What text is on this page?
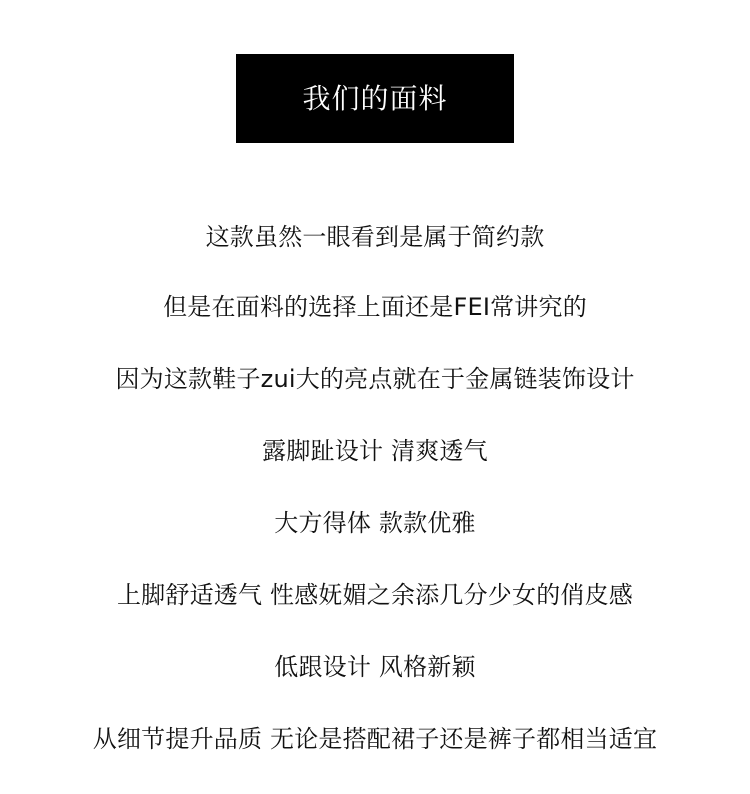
我们的面料
这款虽然一眼看到是属于简约款
但是在面料的选择上面还是FEI常讲究的
因为这款鞋子zui大的亮点就在于金属链装饰设计
露脚趾设计 清爽透气
大方得体 款款优雅
上脚舒适透气 性感妩媚之余添几分少女的俏皮感
低跟设计 风格新颖
从细节提升品质 无论是搭配裙子还是裤子都相当适宜
